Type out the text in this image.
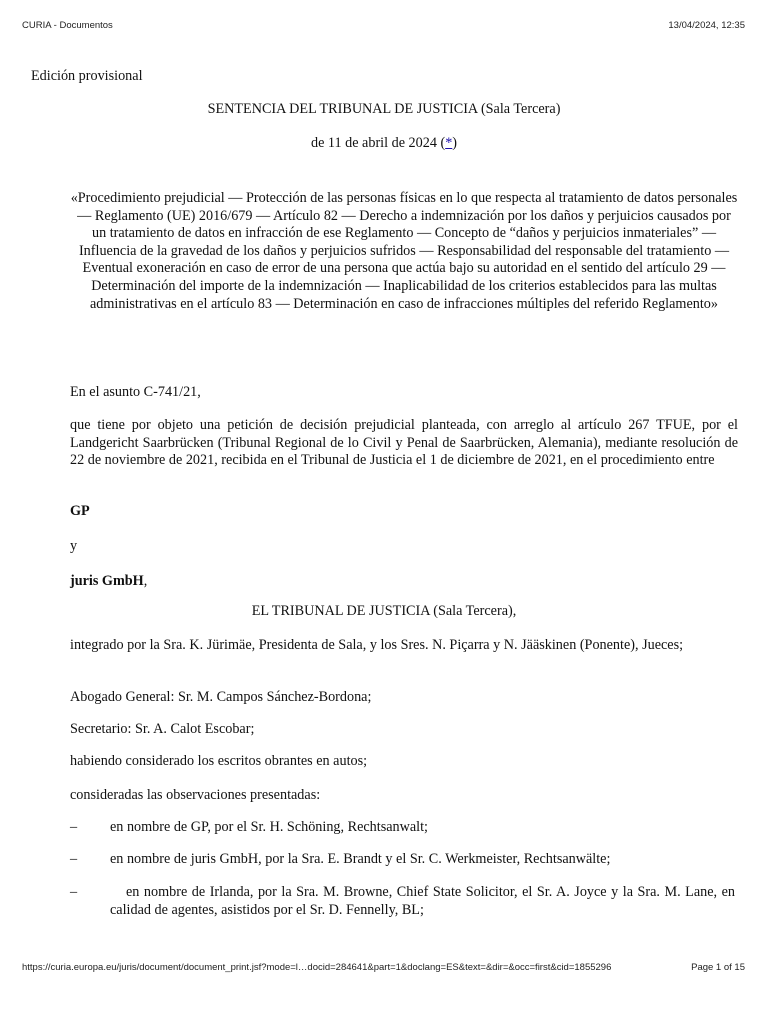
CURIA - Documentos	13/04/2024, 12:35
Edición provisional
SENTENCIA DEL TRIBUNAL DE JUSTICIA (Sala Tercera)
de 11 de abril de 2024 (*)
«Procedimiento prejudicial — Protección de las personas físicas en lo que respecta al tratamiento de datos personales — Reglamento (UE) 2016/679 — Artículo 82 — Derecho a indemnización por los daños y perjuicios causados por un tratamiento de datos en infracción de ese Reglamento — Concepto de “daños y perjuicios inmateriales” — Influencia de la gravedad de los daños y perjuicios sufridos — Responsabilidad del responsable del tratamiento — Eventual exoneración en caso de error de una persona que actúa bajo su autoridad en el sentido del artículo 29 — Determinación del importe de la indemnización — Inaplicabilidad de los criterios establecidos para las multas administrativas en el artículo 83 — Determinación en caso de infracciones múltiples del referido Reglamento»
En el asunto C-741/21,
que tiene por objeto una petición de decisión prejudicial planteada, con arreglo al artículo 267 TFUE, por el Landgericht Saarbrücken (Tribunal Regional de lo Civil y Penal de Saarbrücken, Alemania), mediante resolución de 22 de noviembre de 2021, recibida en el Tribunal de Justicia el 1 de diciembre de 2021, en el procedimiento entre
GP
y
juris GmbH,
EL TRIBUNAL DE JUSTICIA (Sala Tercera),
integrado por la Sra. K. Jürimäe, Presidenta de Sala, y los Sres. N. Piçarra y N. Jääskinen (Ponente), Jueces;
Abogado General: Sr. M. Campos Sánchez-Bordona;
Secretario: Sr. A. Calot Escobar;
habiendo considerado los escritos obrantes en autos;
consideradas las observaciones presentadas:
– en nombre de GP, por el Sr. H. Schöning, Rechtsanwalt;
– en nombre de juris GmbH, por la Sra. E. Brandt y el Sr. C. Werkmeister, Rechtsanwälte;
–	en nombre de Irlanda, por la Sra. M. Browne, Chief State Solicitor, el Sr. A. Joyce y la Sra. M. Lane, en calidad de agentes, asistidos por el Sr. D. Fennelly, BL;
https://curia.europa.eu/juris/document/document_print.jsf?mode=l…docid=284641&part=1&doclang=ES&text=&dir=&occ=first&cid=1855296	Page 1 of 15
